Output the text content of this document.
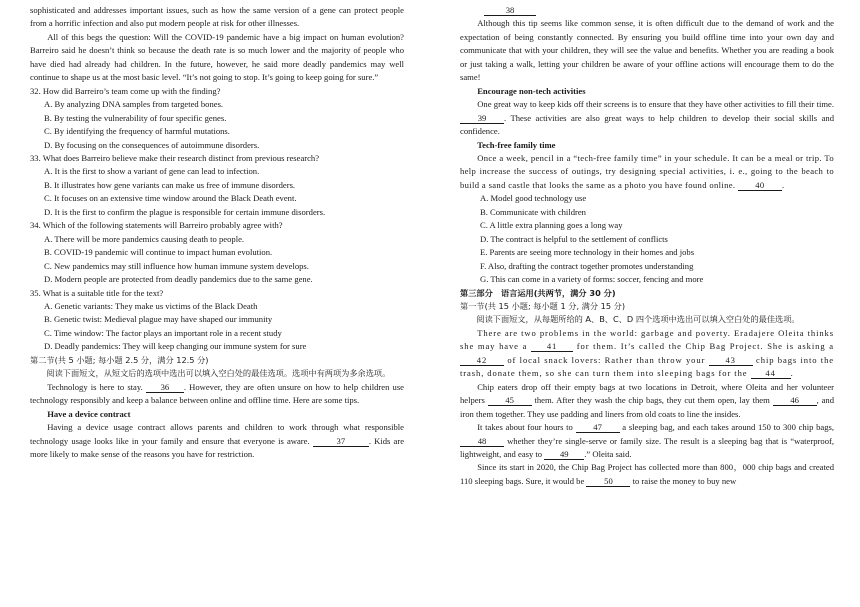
sophisticated and addresses important issues, such as how the same version of a gene can protect people from a horrific infection and also put modern people at risk for other illnesses.

All of this begs the question: Will the COVID-19 pandemic have a big impact on human evolution? Barreiro said he doesn’t think so because the death rate is so much lower and the majority of people who have died had already had children. In the future, however, he said more deadly pandemics may well continue to shape us at the most basic level. “It’s not going to stop. It’s going to keep going for sure.”

32. How did Barreiro’s team come up with the finding?

A. By analyzing DNA samples from targeted bones.

B. By testing the vulnerability of four specific genes.

C. By identifying the frequency of harmful mutations.

D. By focusing on the consequences of autoimmune disorders.

33. What does Barreiro believe make their research distinct from previous research?

A. It is the first to show a variant of gene can lead to infection.

B. It illustrates how gene variants can make us free of immune disorders.

C. It focuses on an extensive time window around the Black Death event.

D. It is the first to confirm the plague is responsible for certain immune disorders.

34. Which of the following statements will Barreiro probably agree with?

A. There will be more pandemics causing death to people.

B. COVID-19 pandemic will continue to impact human evolution.

C. New pandemics may still influence how human immune system develops.

D. Modern people are protected from deadly pandemics due to the same gene.

35. What is a suitable title for the text?

A. Genetic variants: They make us victims of the Black Death

B. Genetic twist: Medieval plague may have shaped our immunity

C. Time window: The factor plays an important role in a recent study

D. Deadly pandemics: They will keep changing our immune system for sure

第二节(共 5 小题; 每小题 2.5 分，满分 12.5 分)

阅读下面短文，从短文后的选项中选出可以填入空白处的最佳选项。选项中有两项为多余选项。

Technology is here to stay. 36 . However, they are often unsure on how to help children use technology responsibly and keep a balance between online and offline time. Here are some tips.

Have a device contract

Having a device usage contract allows parents and children to work through what responsible technology usage looks like in your family and ensure that everyone is aware.	37	. Kids are more likely to make sense of the reasons you have for restriction.

38

Although this tip seems like common sense, it is often difficult due to the demand of work and the expectation of being constantly connected. By ensuring you build offline time into your own day and communicate that with your children, they will see the value and benefits. Whether you are reading a book or just taking a walk, letting your children be aware of your offline actions will encourage them to do the same!

Encourage non-tech activities

One great way to keep kids off their screens is to ensure that they have other activities to fill their time. 39 . These activities are also great ways to help children to develop their social skills and confidence.

Tech-free family time

Once a week, pencil in a “tech-free family time” in your schedule. It can be a meal or trip. To help increase the success of outings, try designing special activities, i. e., going to the beach to build a sand castle that looks the same as a photo you have found online. 40 .

A. Model good technology use

B. Communicate with children

C. A little extra planning goes a long way

D. The contract is helpful to the settlement of conflicts

E. Parents are seeing more technology in their homes and jobs

F. Also, drafting the contract together promotes understanding

G. This can come in a variety of forms: soccer, fencing and more

第三部分　语言运用(共两节，满分 30 分)

第一节(共 15 小题; 每小题 1 分, 满分 15 分)

阅读下面短文，从每题所给的 A、B、C、D 四个选项中选出可以填入空白处的最佳选项。

There are two problems in the world: garbage and poverty. Eradajere Oleita thinks she may have a 41 for them. It’s called the Chip Bag Project. She is asking a 42 of local snack lovers: Rather than throw your 43 chip bags into the trash, donate them, so she can turn them into sleeping bags for the 44 .

Chip eaters drop off their empty bags at two locations in Detroit, where Oleita and her volunteer helpers 45 them. After they wash the chip bags, they cut them open, lay them 46 , and iron them together. They use padding and liners from old coats to line the insides.

It takes about four hours to 47 a sleeping bag, and each takes around 150 to 300 chip bags, 48 whether they’re single-serve or family size. The result is a sleeping bag that is “waterproof, lightweight, and easy to 49 .” Oleita said.

Since its start in 2020, the Chip Bag Project has collected more than 800，000 chip bags and created 110 sleeping bags. Sure, it would be 50 to raise the money to buy new
